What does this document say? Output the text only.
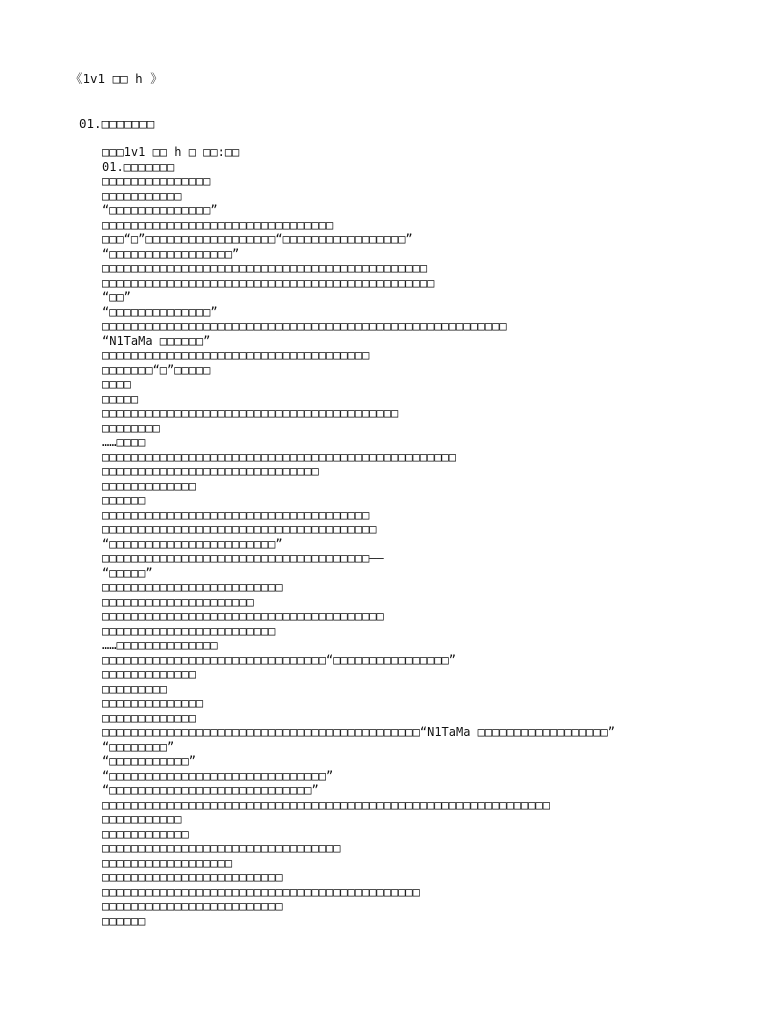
《1v1 □□ h 》
01.□□□□□□□
□□□1v1 □□ h □ □□:□□
01.□□□□□□□
□□□□□□□□□□□□□□□
□□□□□□□□□□□
“□□□□□□□□□□□□□□”
□□□□□□□□□□□□□□□□□□□□□□□□□□□□□□□□
□□□“□”□□□□□□□□□□□□□□□□□□“□□□□□□□□□□□□□□□□□”
“□□□□□□□□□□□□□□□□□”
□□□□□□□□□□□□□□□□□□□□□□□□□□□□□□□□□□□□□□□□□□□□□
□□□□□□□□□□□□□□□□□□□□□□□□□□□□□□□□□□□□□□□□□□□□□□
“□□”
“□□□□□□□□□□□□□□”
□□□□□□□□□□□□□□□□□□□□□□□□□□□□□□□□□□□□□□□□□□□□□□□□□□□□□□□□
“N1TaMa □□□□□□”
□□□□□□□□□□□□□□□□□□□□□□□□□□□□□□□□□□□□□
□□□□□□□“□”□□□□□
□□□□
□□□□□
□□□□□□□□□□□□□□□□□□□□□□□□□□□□□□□□□□□□□□□□□
□□□□□□□□
……□□□□
□□□□□□□□□□□□□□□□□□□□□□□□□□□□□□□□□□□□□□□□□□□□□□□□□
□□□□□□□□□□□□□□□□□□□□□□□□□□□□□□
□□□□□□□□□□□□□
□□□□□□
□□□□□□□□□□□□□□□□□□□□□□□□□□□□□□□□□□□□□
□□□□□□□□□□□□□□□□□□□□□□□□□□□□□□□□□□□□□□
“□□□□□□□□□□□□□□□□□□□□□□□”
□□□□□□□□□□□□□□□□□□□□□□□□□□□□□□□□□□□□□——
“□□□□□”
□□□□□□□□□□□□□□□□□□□□□□□□□
□□□□□□□□□□□□□□□□□□□□□
□□□□□□□□□□□□□□□□□□□□□□□□□□□□□□□□□□□□□□□
□□□□□□□□□□□□□□□□□□□□□□□□
……□□□□□□□□□□□□□□
□□□□□□□□□□□□□□□□□□□□□□□□□□□□□□□“□□□□□□□□□□□□□□□□”
□□□□□□□□□□□□□
□□□□□□□□□
□□□□□□□□□□□□□□
□□□□□□□□□□□□□
□□□□□□□□□□□□□□□□□□□□□□□□□□□□□□□□□□□□□□□□□□□□“N1TaMa □□□□□□□□□□□□□□□□□□”
“□□□□□□□□”
“□□□□□□□□□□□”
“□□□□□□□□□□□□□□□□□□□□□□□□□□□□□□”
“□□□□□□□□□□□□□□□□□□□□□□□□□□□□”
□□□□□□□□□□□□□□□□□□□□□□□□□□□□□□□□□□□□□□□□□□□□□□□□□□□□□□□□□□□□□□
□□□□□□□□□□□
□□□□□□□□□□□□
□□□□□□□□□□□□□□□□□□□□□□□□□□□□□□□□□
□□□□□□□□□□□□□□□□□□
□□□□□□□□□□□□□□□□□□□□□□□□□
□□□□□□□□□□□□□□□□□□□□□□□□□□□□□□□□□□□□□□□□□□□□
□□□□□□□□□□□□□□□□□□□□□□□□□
□□□□□□
